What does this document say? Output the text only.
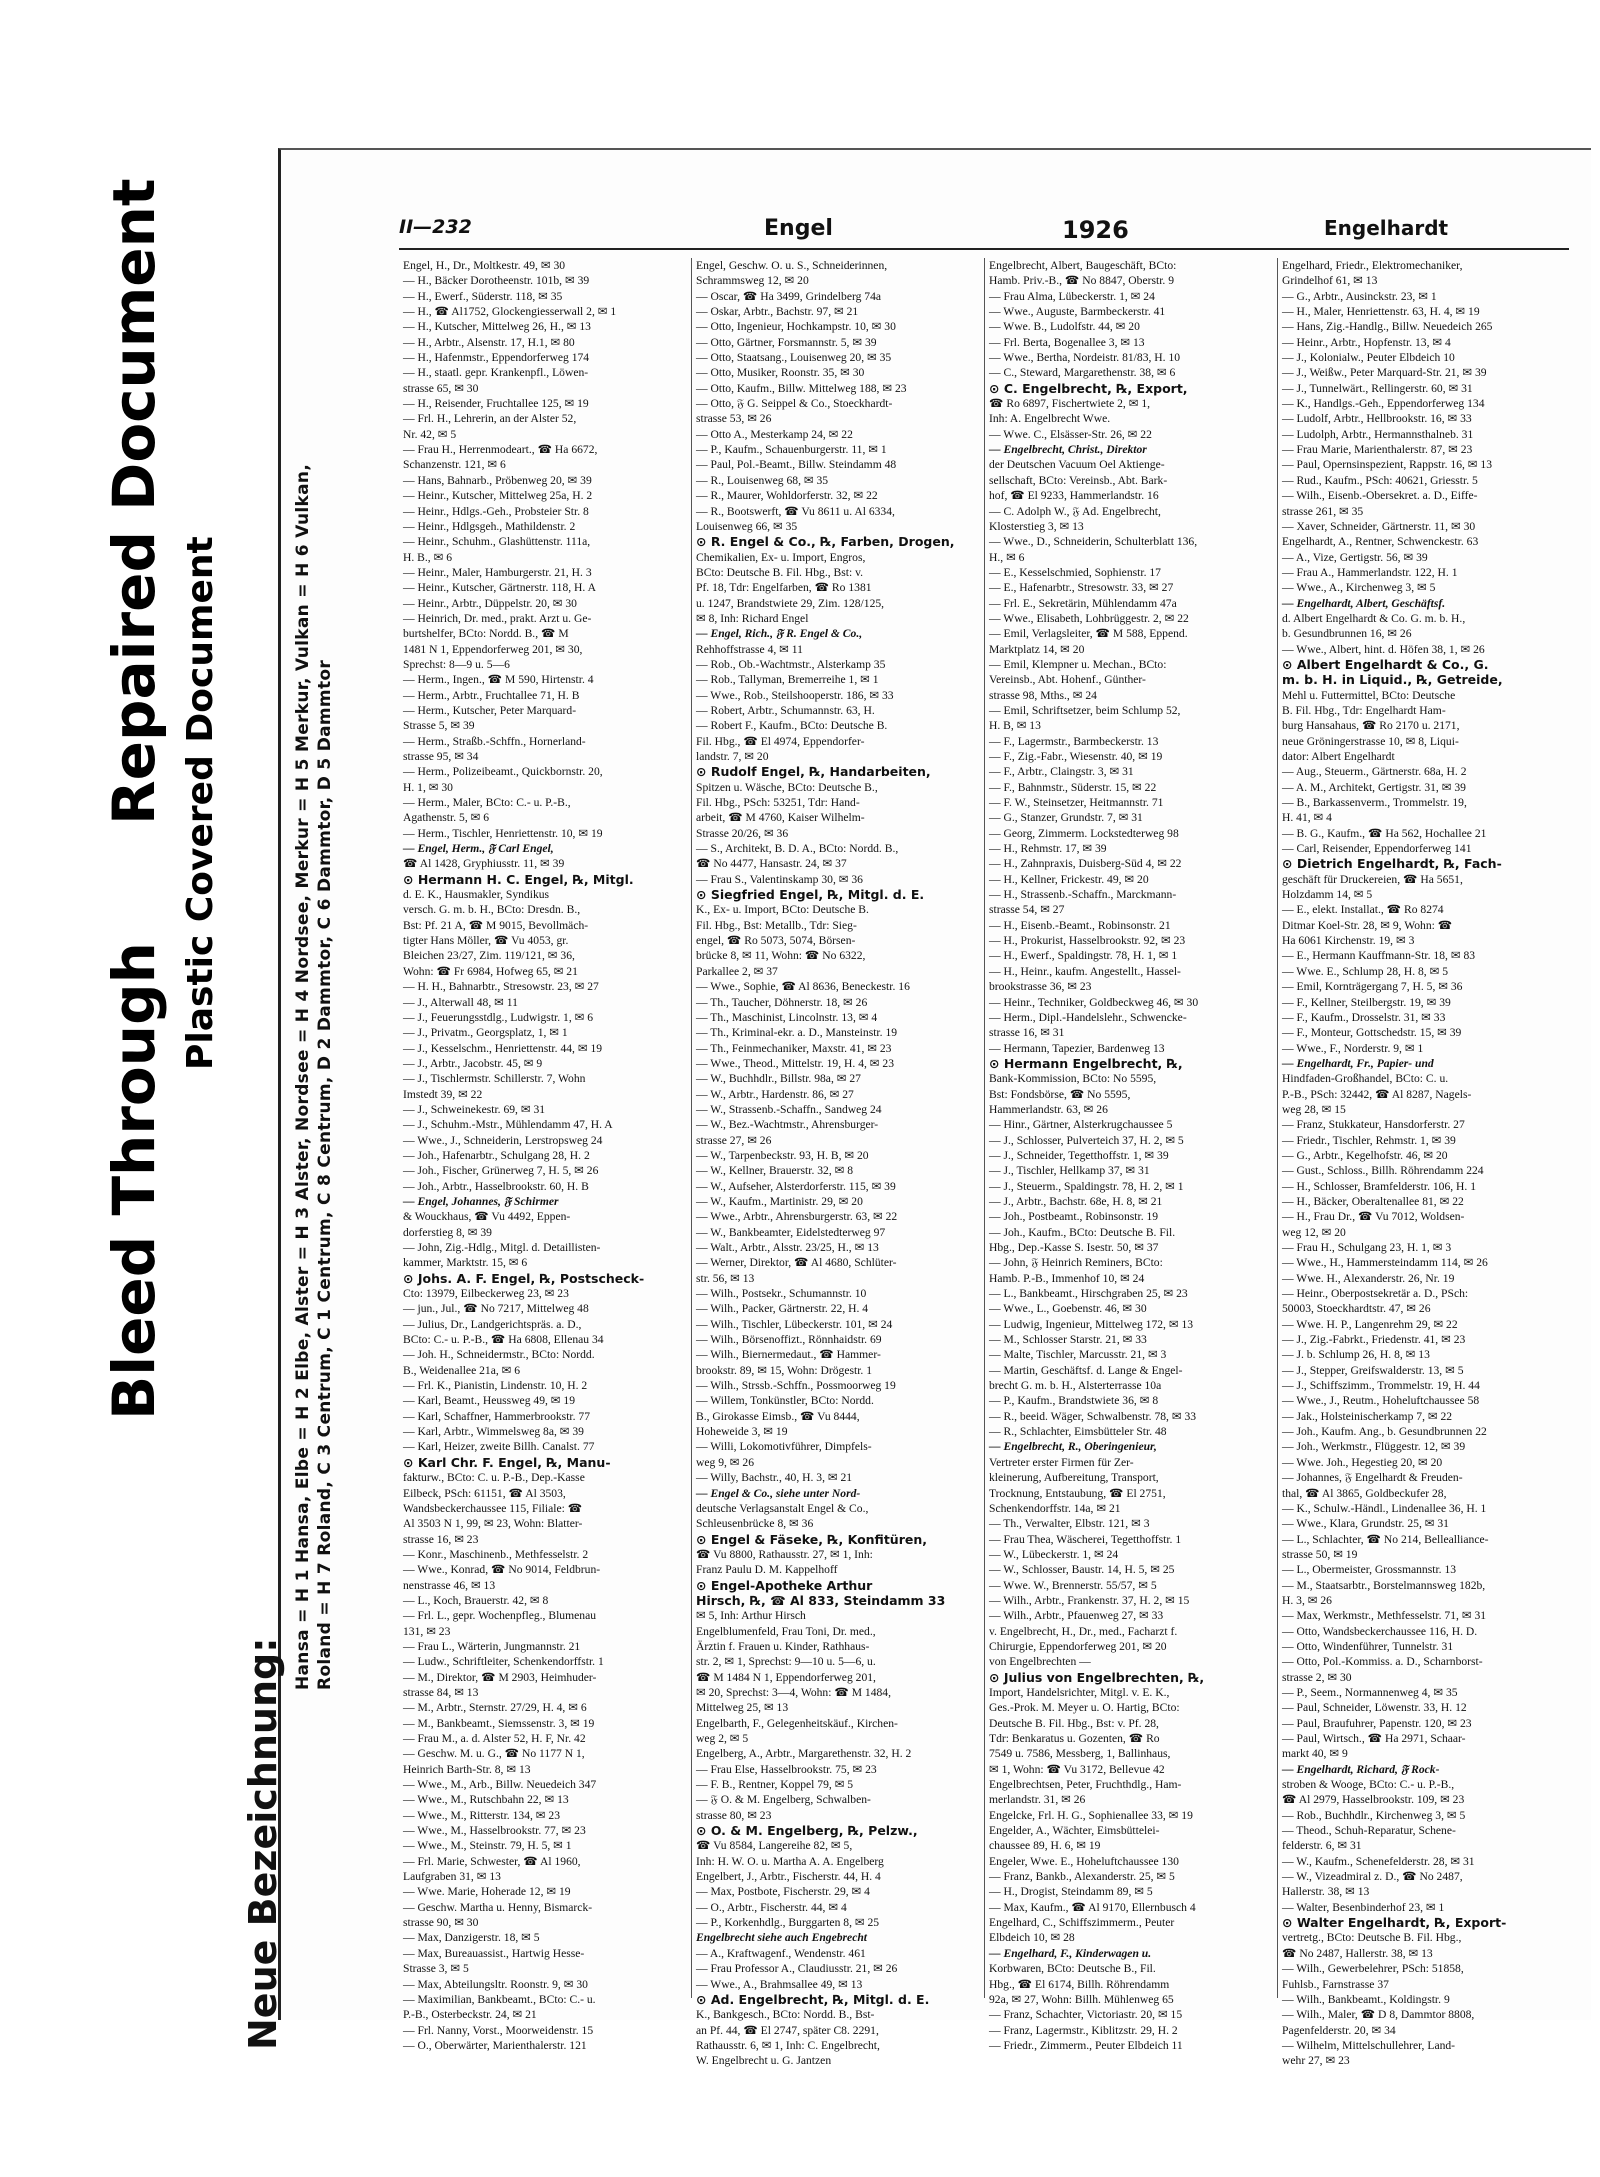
Bleed Through
Repaired Document Plastic Covered Document
Neue Bezeichnung:
Hansa = H 1 Hansa, Elbe = H 2 Elbe, Alster = H 3 Alster, Nordsee = H 4 Nordsee, Merkur = H 5 Merkur, Vulkan = H 6 Vulkan, Roland = H 7 Roland, C 3 Centrum, C 1 Centrum, C 8 Centrum, D 2 Dammtor, C 6 Dammtor, D 5 Dammtor
II—232	Engel	1926	Engelhardt

Engel, H., Dr., Moltkestr. 49, ✉ 30

— H., Bäcker Dorotheenstr. 101b, ✉ 39

— H., Ewerf., Süderstr. 118, ✉ 35

— H., ☎ Al1752, Glockengiesserwall 2, ✉ 1

— H., Kutscher, Mittelweg 26, H., ✉ 13

— H., Arbtr., Alsenstr. 17, H.1, ✉ 80

— H., Hafenmstr., Eppendorferweg 174

— H., staatl. gepr. Krankenpfl., Löwen-

strasse 65, ✉ 30

— H., Reisender, Fruchtallee 125, ✉ 19

— Frl. H., Lehrerin, an der Alster 52,

Nr. 42, ✉ 5

— Frau H., Herrenmodeart., ☎ Ha 6672,

Schanzenstr. 121, ✉ 6

— Hans, Bahnarb., Pröbenweg 20, ✉ 39

— Heinr., Kutscher, Mittelweg 25a, H. 2

— Heinr., Hdlgs.-Geh., Probsteier Str. 8

— Heinr., Hdlgsgeh., Mathildenstr. 2

— Heinr., Schuhm., Glashüttenstr. 111a,

H. B., ✉ 6

— Heinr., Maler, Hamburgerstr. 21, H. 3

— Heinr., Kutscher, Gärtnerstr. 118, H. A

— Heinr., Arbtr., Düppelstr. 20, ✉ 30

— Heinrich, Dr. med., prakt. Arzt u. Ge-

burtshelfer, BCto: Nordd. B., ☎ M

1481 N 1, Eppendorferweg 201, ✉ 30,

Sprechst: 8—9 u. 5—6

— Herm., Ingen., ☎ M 590, Hirtenstr. 4

— Herm., Arbtr., Fruchtallee 71, H. B

— Herm., Kutscher, Peter Marquard-

Strasse 5, ✉ 39

— Herm., Straßb.-Schffn., Hornerland-

strasse 95, ✉ 34

— Herm., Polizeibeamt., Quickbornstr. 20,

H. 1, ✉ 30

— Herm., Maler, BCto: C.- u. P.-B.,

Agathenstr. 5, ✉ 6

— Herm., Tischler, Henriettenstr. 10, ✉ 19

— Engel, Herm., 𝔉 Carl Engel,

☎ Al 1428, Gryphiusstr. 11, ✉ 39

⊙ Hermann H. C. Engel, ℞, Mitgl.

d. E. K., Hausmakler, Syndikus

versch. G. m. b. H., BCto: Dresdn. B.,

Bst: Pf. 21 A, ☎ M 9015, Bevollmäch-

tigter Hans Möller, ☎ Vu 4053, gr.

Bleichen 23/27, Zim. 119/121, ✉ 36,

Wohn: ☎ Fr 6984, Hofweg 65, ✉ 21

— H. H., Bahnarbtr., Stresowstr. 23, ✉ 27

— J., Alterwall 48, ✉ 11

— J., Feuerungsstdlg., Ludwigstr. 1, ✉ 6

— J., Privatm., Georgsplatz, 1, ✉ 1

— J., Kesselschm., Henriettenstr. 44, ✉ 19

— J., Arbtr., Jacobstr. 45, ✉ 9

— J., Tischlermstr. Schillerstr. 7, Wohn

Imstedt 39, ✉ 22

— J., Schweinekestr. 69, ✉ 31

— J., Schuhm.-Mstr., Mühlendamm 47, H. A

— Wwe., J., Schneiderin, Lerstropsweg 24

— Joh., Hafenarbtr., Schulgang 28, H. 2

— Joh., Fischer, Grünerweg 7, H. 5, ✉ 26

— Joh., Arbtr., Hasselbrookstr. 60, H. B

— Engel, Johannes, 𝔉 Schirmer

& Wouckhaus, ☎ Vu 4492, Eppen-

dorferstieg 8, ✉ 39

— John, Zig.-Hdlg., Mitgl. d. Detaillisten-

kammer, Marktstr. 15, ✉ 6

⊙ Johs. A. F. Engel, ℞, Postscheck-

Cto: 13979, Eilbeckerweg 23, ✉ 23

— jun., Jul., ☎ No 7217, Mittelweg 48

— Julius, Dr., Landgerichtspräs. a. D.,

BCto: C.- u. P.-B., ☎ Ha 6808, Ellenau 34

— Joh. H., Schneidermstr., BCto: Nordd.

B., Weidenallee 21a, ✉ 6

— Frl. K., Pianistin, Lindenstr. 10, H. 2

— Karl, Beamt., Heussweg 49, ✉ 19

— Karl, Schaffner, Hammerbrookstr. 77

— Karl, Arbtr., Wimmelsweg 8a, ✉ 39

— Karl, Heizer, zweite Billh. Canalst. 77

⊙ Karl Chr. F. Engel, ℞, Manu-

fakturw., BCto: C. u. P.-B., Dep.-Kasse

Eilbeck, PSch: 61151, ☎ Al 3503,

Wandsbeckerchaussee 115, Filiale: ☎

Al 3503 N 1, 99, ✉ 23, Wohn: Blatter-

strasse 16, ✉ 23

— Konr., Maschinenb., Methfesselstr. 2

— Wwe., Konrad, ☎ No 9014, Feldbrun-

nenstrasse 46, ✉ 13

— L., Koch, Brauerstr. 42, ✉ 8

— Frl. L., gepr. Wochenpfleg., Blumenau

131, ✉ 23

— Frau L., Wärterin, Jungmannstr. 21

— Ludw., Schriftleiter, Schenkendorffstr. 1

— M., Direktor, ☎ M 2903, Heimhuder-

strasse 84, ✉ 13

— M., Arbtr., Sternstr. 27/29, H. 4, ✉ 6

— M., Bankbeamt., Siemssenstr. 3, ✉ 19

— Frau M., a. d. Alster 52, H. F, Nr. 42

— Geschw. M. u. G., ☎ No 1177 N 1,

Heinrich Barth-Str. 8, ✉ 13

— Wwe., M., Arb., Billw. Neuedeich 347

— Wwe., M., Rutschbahn 22, ✉ 13

— Wwe., M., Ritterstr. 134, ✉ 23

— Wwe., M., Hasselbrookstr. 77, ✉ 23

— Wwe., M., Steinstr. 79, H. 5, ✉ 1

— Frl. Marie, Schwester, ☎ Al 1960,

Laufgraben 31, ✉ 13

— Wwe. Marie, Hoherade 12, ✉ 19

— Geschw. Martha u. Henny, Bismarck-

strasse 90, ✉ 30

— Max, Danzigerstr. 18, ✉ 5

— Max, Bureauassist., Hartwig Hesse-

Strasse 3, ✉ 5

— Max, Abteilungsltr. Roonstr. 9, ✉ 30

— Maximilian, Bankbeamt., BCto: C.- u.

P.-B., Osterbeckstr. 24, ✉ 21

— Frl. Nanny, Vorst., Moorweidenstr. 15

— O., Oberwärter, Marienthalerstr. 121

Engel, Geschw. O. u. S., Schneiderinnen,

Schrammsweg 12, ✉ 20

— Oscar, ☎ Ha 3499, Grindelberg 74a

— Oskar, Arbtr., Bachstr. 97, ✉ 21

— Otto, Ingenieur, Hochkampstr. 10, ✉ 30

— Otto, Gärtner, Forsmannstr. 5, ✉ 39

— Otto, Staatsang., Louisenweg 20, ✉ 35

— Otto, Musiker, Roonstr. 35, ✉ 30

— Otto, Kaufm., Billw. Mittelweg 188, ✉ 23

— Otto, 𝔉 G. Seippel & Co., Stoeckhardt-

strasse 53, ✉ 26

— Otto A., Mesterkamp 24, ✉ 22

— P., Kaufm., Schauenburgerstr. 11, ✉ 1

— Paul, Pol.-Beamt., Billw. Steindamm 48

— R., Louisenweg 68, ✉ 35

— R., Maurer, Wohldorferstr. 32, ✉ 22

— R., Bootswerft, ☎ Vu 8611 u. Al 6334,

Louisenweg 66, ✉ 35

⊙ R. Engel & Co., ℞, Farben, Drogen,

Chemikalien, Ex- u. Import, Engros,

BCto: Deutsche B. Fil. Hbg., Bst: v.

Pf. 18, Tdr: Engelfarben, ☎ Ro 1381

u. 1247, Brandstwiete 29, Zim. 128/125,

✉ 8, Inh: Richard Engel

— Engel, Rich., 𝔉 R. Engel & Co.,

Rehhoffstrasse 4, ✉ 11

— Rob., Ob.-Wachtmstr., Alsterkamp 35

— Rob., Tallyman, Bremerreihe 1, ✉ 1

— Wwe., Rob., Steilshooperstr. 186, ✉ 33

— Robert, Arbtr., Schumannstr. 63, H.

— Robert F., Kaufm., BCto: Deutsche B.

Fil. Hbg., ☎ El 4974, Eppendorfer-

landstr. 7, ✉ 20

⊙ Rudolf Engel, ℞, Handarbeiten,

Spitzen u. Wäsche, BCto: Deutsche B.,

Fil. Hbg., PSch: 53251, Tdr: Hand-

arbeit, ☎ M 4760, Kaiser Wilhelm-

Strasse 20/26, ✉ 36

— S., Architekt, B. D. A., BCto: Nordd. B.,

☎ No 4477, Hansastr. 24, ✉ 37

— Frau S., Valentinskamp 30, ✉ 36

⊙ Siegfried Engel, ℞, Mitgl. d. E.

K., Ex- u. Import, BCto: Deutsche B.

Fil. Hbg., Bst: Metallb., Tdr: Sieg-

engel, ☎ Ro 5073, 5074, Börsen-

brücke 8, ✉ 11, Wohn: ☎ No 6322,

Parkallee 2, ✉ 37

— Wwe., Sophie, ☎ Al 8636, Beneckestr. 16

— Th., Taucher, Döhnerstr. 18, ✉ 26

— Th., Maschinist, Lincolnstr. 13, ✉ 4

— Th., Kriminal-ekr. a. D., Mansteinstr. 19

— Th., Feinmechaniker, Maxstr. 41, ✉ 23

— Wwe., Theod., Mittelstr. 19, H. 4, ✉ 23

— W., Buchhdlr., Billstr. 98a, ✉ 27

— W., Arbtr., Hardenstr. 86, ✉ 27

— W., Strassenb.-Schaffn., Sandweg 24

— W., Bez.-Wachtmstr., Ahrensburger-

strasse 27, ✉ 26

— W., Tarpenbeckstr. 93, H. B, ✉ 20

— W., Kellner, Brauerstr. 32, ✉ 8

— W., Aufseher, Alsterdorferstr. 115, ✉ 39

— W., Kaufm., Martinistr. 29, ✉ 20

— Wwe., Arbtr., Ahrensburgerstr. 63, ✉ 22

— W., Bankbeamter, Eidelstedterweg 97

— Walt., Arbtr., Alsstr. 23/25, H., ✉ 13

— Werner, Direktor, ☎ Al 4680, Schlüter-

str. 56, ✉ 13

— Wilh., Postsekr., Schumannstr. 10

— Wilh., Packer, Gärtnerstr. 22, H. 4

— Wilh., Tischler, Lübeckerstr. 101, ✉ 24

— Wilh., Börsenoffizt., Rönnhaidstr. 69

— Wilh., Biernermedaut., ☎ Hammer-

brookstr. 89, ✉ 15, Wohn: Drögestr. 1

— Wilh., Strssb.-Schffn., Possmoorweg 19

— Willem, Tonkünstler, BCto: Nordd.

B., Girokasse Eimsb., ☎ Vu 8444,

Hoheweide 3, ✉ 19

— Willi, Lokomotivführer, Dimpfels-

weg 9, ✉ 26

— Willy, Bachstr., 40, H. 3, ✉ 21

— Engel & Co., siehe unter Nord-

deutsche Verlagsanstalt Engel & Co.,

Schleusenbrücke 8, ✉ 36

⊙ Engel & Fäseke, ℞, Konfitüren,

☎ Vu 8800, Rathausstr. 27, ✉ 1, Inh:

Franz Paulu D. M. Kappelhoff

⊙ Engel-Apotheke Arthur

Hirsch, ℞, ☎ Al 833, Steindamm 33

✉ 5, Inh: Arthur Hirsch

Engelblumenfeld, Frau Toni, Dr. med.,

Ärztin f. Frauen u. Kinder, Rathhaus-

str. 2, ✉ 1, Sprechst: 9—10 u. 5—6, u.

☎ M 1484 N 1, Eppendorferweg 201,

✉ 20, Sprechst: 3—4, Wohn: ☎ M 1484,

Mittelweg 25, ✉ 13

Engelbarth, F., Gelegenheitskäuf., Kirchen-

weg 2, ✉ 5

Engelberg, A., Arbtr., Margarethenstr. 32, H. 2

— Frau Else, Hasselbrookstr. 75, ✉ 23

— F. B., Rentner, Koppel 79, ✉ 5

— 𝔉 O. & M. Engelberg, Schwalben-

strasse 80, ✉ 23

⊙ O. & M. Engelberg, ℞, Pelzw.,

☎ Vu 8584, Langereihe 82, ✉ 5,

Inh: H. W. O. u. Martha A. A. Engelberg

Engelbert, J., Arbtr., Fischerstr. 44, H. 4

— Max, Postbote, Fischerstr. 29, ✉ 4

— O., Arbtr., Fischerstr. 44, ✉ 4

— P., Korkenhdlg., Burggarten 8, ✉ 25

Engelbrecht siehe auch Engebrecht

— A., Kraftwagenf., Wendenstr. 461

— Frau Professor A., Claudiusstr. 21, ✉ 26

— Wwe., A., Brahmsallee 49, ✉ 13

⊙ Ad. Engelbrecht, ℞, Mitgl. d. E.

K., Bankgesch., BCto: Nordd. B., Bst-

an Pf. 44, ☎ El 2747, später C8. 2291,

Rathausstr. 6, ✉ 1, Inh: C. Engelbrecht,

W. Engelbrecht u. G. Jantzen

Engelbrecht, Albert, Baugeschäft, BCto:

Hamb. Priv.-B., ☎ No 8847, Oberstr. 9

— Frau Alma, Lübeckerstr. 1, ✉ 24

— Wwe., Auguste, Barmbeckerstr. 41

— Wwe. B., Ludolfstr. 44, ✉ 20

— Frl. Berta, Bogenallee 3, ✉ 13

— Wwe., Bertha, Nordeistr. 81/83, H. 10

— C., Steward, Margarethenstr. 38, ✉ 6

⊙ C. Engelbrecht, ℞, Export,

☎ Ro 6897, Fischertwiete 2, ✉ 1,

Inh: A. Engelbrecht Wwe.

— Wwe. C., Elsässer-Str. 26, ✉ 22

— Engelbrecht, Christ., Direktor

der Deutschen Vacuum Oel Aktienge-

sellschaft, BCto: Vereinsb., Abt. Bark-

hof, ☎ El 9233, Hammerlandstr. 16

— C. Adolph W., 𝔉 Ad. Engelbrecht,

Klosterstieg 3, ✉ 13

— Wwe., D., Schneiderin, Schulterblatt 136,

H., ✉ 6

— E., Kesselschmied, Sophienstr. 17

— E., Hafenarbtr., Stresowstr. 33, ✉ 27

— Frl. E., Sekretärin, Mühlendamm 47a

— Wwe., Elisabeth, Lohbrüggestr. 2, ✉ 22

— Emil, Verlagsleiter, ☎ M 588, Eppend.

Marktplatz 14, ✉ 20

— Emil, Klempner u. Mechan., BCto:

Vereinsb., Abt. Hohenf., Günther-

strasse 98, Mths., ✉ 24

— Emil, Schriftsetzer, beim Schlump 52,

H. B, ✉ 13

— F., Lagermstr., Barmbeckerstr. 13

— F., Zig.-Fabr., Wiesenstr. 40, ✉ 19

— F., Arbtr., Claingstr. 3, ✉ 31

— F., Bahnmstr., Süderstr. 15, ✉ 22

— F. W., Steinsetzer, Heitmannstr. 71

— G., Stanzer, Grundstr. 7, ✉ 31

— Georg, Zimmerm. Lockstedterweg 98

— H., Rehmstr. 17, ✉ 39

— H., Zahnpraxis, Duisberg-Süd 4, ✉ 22

— H., Kellner, Frickestr. 49, ✉ 20

— H., Strassenb.-Schaffn., Marckmann-

strasse 54, ✉ 27

— H., Eisenb.-Beamt., Robinsonstr. 21

— H., Prokurist, Hasselbrookstr. 92, ✉ 23

— H., Ewerf., Spaldingstr. 78, H. 1, ✉ 1

— H., Heinr., kaufm. Angestellt., Hassel-

brookstrasse 36, ✉ 23

— Heinr., Techniker, Goldbeckweg 46, ✉ 30

— Herm., Dipl.-Handelslehr., Schwencke-

strasse 16, ✉ 31

— Hermann, Tapezier, Bardenweg 13

⊙ Hermann Engelbrecht, ℞,

Bank-Kommission, BCto: No 5595,

Bst: Fondsbörse, ☎ No 5595,

Hammerlandstr. 63, ✉ 26

— Hinr., Gärtner, Alsterkrugchaussee 5

— J., Schlosser, Pulverteich 37, H. 2, ✉ 5

— J., Schneider, Tegetthoffstr. 1, ✉ 39

— J., Tischler, Hellkamp 37, ✉ 31

— J., Steuerm., Spaldingstr. 78, H. 2, ✉ 1

— J., Arbtr., Bachstr. 68e, H. 8, ✉ 21

— Joh., Postbeamt., Robinsonstr. 19

— Joh., Kaufm., BCto: Deutsche B. Fil.

Hbg., Dep.-Kasse S. Isestr. 50, ✉ 37

— John, 𝔉 Heinrich Reminers, BCto:

Hamb. P.-B., Immenhof 10, ✉ 24

— L., Bankbeamt., Hirschgraben 25, ✉ 23

— Wwe., L., Goebenstr. 46, ✉ 30

— Ludwig, Ingenieur, Mittelweg 172, ✉ 13

— M., Schlosser Starstr. 21, ✉ 33

— Malte, Tischler, Marcusstr. 21, ✉ 3

— Martin, Geschäftsf. d. Lange & Engel-

brecht G. m. b. H., Alsterterrasse 10a

— P., Kaufm., Brandstwiete 36, ✉ 8

— R., beeid. Wäger, Schwalbenstr. 78, ✉ 33

— R., Schlachter, Eimsbütteler Str. 48

— Engelbrecht, R., Oberingenieur,

Vertreter erster Firmen für Zer-

kleinerung, Aufbereitung, Transport,

Trocknung, Entstaubung, ☎ El 2751,

Schenkendorffstr. 14a, ✉ 21

— Th., Verwalter, Elbstr. 121, ✉ 3

— Frau Thea, Wäscherei, Tegetthoffstr. 1

— W., Lübeckerstr. 1, ✉ 24

— W., Schlosser, Baustr. 14, H. 5, ✉ 25

— Wwe. W., Brennerstr. 55/57, ✉ 5

— Wilh., Arbtr., Frankenstr. 37, H. 2, ✉ 15

— Wilh., Arbtr., Pfauenweg 27, ✉ 33

v. Engelbrecht, H., Dr., med., Facharzt f.

Chirurgie, Eppendorferweg 201, ✉ 20

von Engelbrechten —

⊙ Julius von Engelbrechten, ℞,

Import, Handelsrichter, Mitgl. v. E. K.,

Ges.-Prok. M. Meyer u. O. Hartig, BCto:

Deutsche B. Fil. Hbg., Bst: v. Pf. 28,

Tdr: Benkaratus u. Gozenten, ☎ Ro

7549 u. 7586, Messberg, 1, Ballinhaus,

✉ 1, Wohn: ☎ Vu 3172, Bellevue 42

Engelbrechtsen, Peter, Fruchthdlg., Ham-

merlandstr. 31, ✉ 26

Engelcke, Frl. H. G., Sophienallee 33, ✉ 19

Engelder, A., Wächter, Eimsbüttelei-

chaussee 89, H. 6, ✉ 19

Engeler, Wwe. E., Hoheluftchaussee 130

— Franz, Bankb., Alexanderstr. 25, ✉ 5

— H., Drogist, Steindamm 89, ✉ 5

— Max, Kaufm., ☎ Al 9170, Ellernbusch 4

Engelhard, C., Schiffszimmerm., Peuter

Elbdeich 10, ✉ 28

— Engelhard, F., Kinderwagen u.

Korbwaren, BCto: Deutsche B., Fil.

Hbg., ☎ El 6174, Billh. Röhrendamm

92a, ✉ 27, Wohn: Billh. Mühlenweg 65

— Franz, Schachter, Victoriastr. 20, ✉ 15

— Franz, Lagermstr., Kiblitzstr. 29, H. 2

— Friedr., Zimmerm., Peuter Elbdeich 11

Engelhard, Friedr., Elektromechaniker,

Grindelhof 61, ✉ 13

— G., Arbtr., Ausinckstr. 23, ✉ 1

— H., Maler, Henriettenstr. 63, H. 4, ✉ 19

— Hans, Zig.-Handlg., Billw. Neuedeich 265

— Heinr., Arbtr., Hopfenstr. 13, ✉ 4

— J., Kolonialw., Peuter Elbdeich 10

— J., Weißw., Peter Marquard-Str. 21, ✉ 39

— J., Tunnelwärt., Rellingerstr. 60, ✉ 31

— K., Handlgs.-Geh., Eppendorferweg 134

— Ludolf, Arbtr., Hellbrookstr. 16, ✉ 33

— Ludolph, Arbtr., Hermannsthalneb. 31

— Frau Marie, Marienthalerstr. 87, ✉ 23

— Paul, Opernsinspezient, Rappstr. 16, ✉ 13

— Rud., Kaufm., PSch: 40621, Griesstr. 5

— Wilh., Eisenb.-Obersekret. a. D., Eiffe-

strasse 261, ✉ 35

— Xaver, Schneider, Gärtnerstr. 11, ✉ 30

Engelhardt, A., Rentner, Schwenckestr. 63

— A., Vize, Gertigstr. 56, ✉ 39

— Frau A., Hammerlandstr. 122, H. 1

— Wwe., A., Kirchenweg 3, ✉ 5

— Engelhardt, Albert, Geschäftsf.

d. Albert Engelhardt & Co. G. m. b. H.,

b. Gesundbrunnen 16, ✉ 26

— Wwe., Albert, hint. d. Höfen 38, 1, ✉ 26

⊙ Albert Engelhardt & Co., G.

m. b. H. in Liquid., ℞, Getreide,

Mehl u. Futtermittel, BCto: Deutsche

B. Fil. Hbg., Tdr: Engelhardt Ham-

burg Hansahaus, ☎ Ro 2170 u. 2171,

neue Gröningerstrasse 10, ✉ 8, Liqui-

dator: Albert Engelhardt

— Aug., Steuerm., Gärtnerstr. 68a, H. 2

— A. M., Architekt, Gertigstr. 31, ✉ 39

— B., Barkassenverm., Trommelstr. 19,

H. 41, ✉ 4

— B. G., Kaufm., ☎ Ha 562, Hochallee 21

— Carl, Reisender, Eppendorferweg 141

⊙ Dietrich Engelhardt, ℞, Fach-

geschäft für Druckereien, ☎ Ha 5651,

Holzdamm 14, ✉ 5

— E., elekt. Installat., ☎ Ro 8274

Ditmar Koel-Str. 28, ✉ 9, Wohn: ☎

Ha 6061 Kirchenstr. 19, ✉ 3

— E., Hermann Kauffmann-Str. 18, ✉ 83

— Wwe. E., Schlump 28, H. 8, ✉ 5

— Emil, Kornträgergang 7, H. 5, ✉ 36

— F., Kellner, Steilbergstr. 19, ✉ 39

— F., Kaufm., Drosselstr. 31, ✉ 33

— F., Monteur, Gottschedstr. 15, ✉ 39

— Wwe., F., Norderstr. 9, ✉ 1

— Engelhardt, Fr., Papier- und

Hindfaden-Großhandel, BCto: C. u.

P.-B., PSch: 32442, ☎ Al 8287, Nagels-

weg 28, ✉ 15

— Franz, Stukkateur, Hansdorferstr. 27

— Friedr., Tischler, Rehmstr. 1, ✉ 39

— G., Arbtr., Kegelhofstr. 46, ✉ 20

— Gust., Schloss., Billh. Röhrendamm 224

— H., Schlosser, Bramfelderstr. 106, H. 1

— H., Bäcker, Oberaltenallee 81, ✉ 22

— H., Frau Dr., ☎ Vu 7012, Woldsen-

weg 12, ✉ 20

— Frau H., Schulgang 23, H. 1, ✉ 3

— Wwe., H., Hammersteindamm 114, ✉ 26

— Wwe. H., Alexanderstr. 26, Nr. 19

— Heinr., Oberpostsekretär a. D., PSch:

50003, Stoeckhardtstr. 47, ✉ 26

— Wwe. H. P., Langenrehm 29, ✉ 22

— J., Zig.-Fabrkt., Friedenstr. 41, ✉ 23

— J. b. Schlump 26, H. 8, ✉ 13

— J., Stepper, Greifswalderstr. 13, ✉ 5

— J., Schiffszimm., Trommelstr. 19, H. 44

— Wwe., J., Reutm., Hoheluftchaussee 58

— Jak., Holsteinischerkamp 7, ✉ 22

— Joh., Kaufm. Ang., b. Gesundbrunnen 22

— Joh., Werkmstr., Flüggestr. 12, ✉ 39

— Wwe. Joh., Hegestieg 20, ✉ 20

— Johannes, 𝔉 Engelhardt & Freuden-

thal, ☎ Al 3865, Goldbeckufer 28,

— K., Schulw.-Händl., Lindenallee 36, H. 1

— Wwe., Klara, Grundstr. 25, ✉ 31

— L., Schlachter, ☎ No 214, Bellealliance-

strasse 50, ✉ 19

— L., Obermeister, Grossmannstr. 13

— M., Staatsarbtr., Borstelmannsweg 182b,

H. 3, ✉ 26

— Max, Werkmstr., Methfesselstr. 71, ✉ 31

— Otto, Wandsbeckerchaussee 116, H. D.

— Otto, Windenführer, Tunnelstr. 31

— Otto, Pol.-Kommiss. a. D., Scharnborst-

strasse 2, ✉ 30

— P., Seem., Normannenweg 4, ✉ 35

— Paul, Schneider, Löwenstr. 33, H. 12

— Paul, Braufuhrer, Papenstr. 120, ✉ 23

— Paul, Wirtsch., ☎ Ha 2971, Schaar-

markt 40, ✉ 9

— Engelhardt, Richard, 𝔉 Rock-

stroben & Wooge, BCto: C.- u. P.-B.,

☎ Al 2979, Hasselbrookstr. 109, ✉ 23

— Rob., Buchhdlr., Kirchenweg 3, ✉ 5

— Theod., Schuh-Reparatur, Schene-

felderstr. 6, ✉ 31

— W., Kaufm., Schenefelderstr. 28, ✉ 31

— W., Vizeadmiral z. D., ☎ No 2487,

Hallerstr. 38, ✉ 13

— Walter, Besenbinderhof 23, ✉ 1

⊙ Walter Engelhardt, ℞, Export-

vertretg., BCto: Deutsche B. Fil. Hbg.,

☎ No 2487, Hallerstr. 38, ✉ 13

— Wilh., Gewerbelehrer, PSch: 51858,

Fuhlsb., Farnstrasse 37

— Wilh., Bankbeamt., Koldingstr. 9

— Wilh., Maler, ☎ D 8, Dammtor 8808,

Pagenfelderstr. 20, ✉ 34

— Wilhelm, Mittelschullehrer, Land-

wehr 27, ✉ 23
